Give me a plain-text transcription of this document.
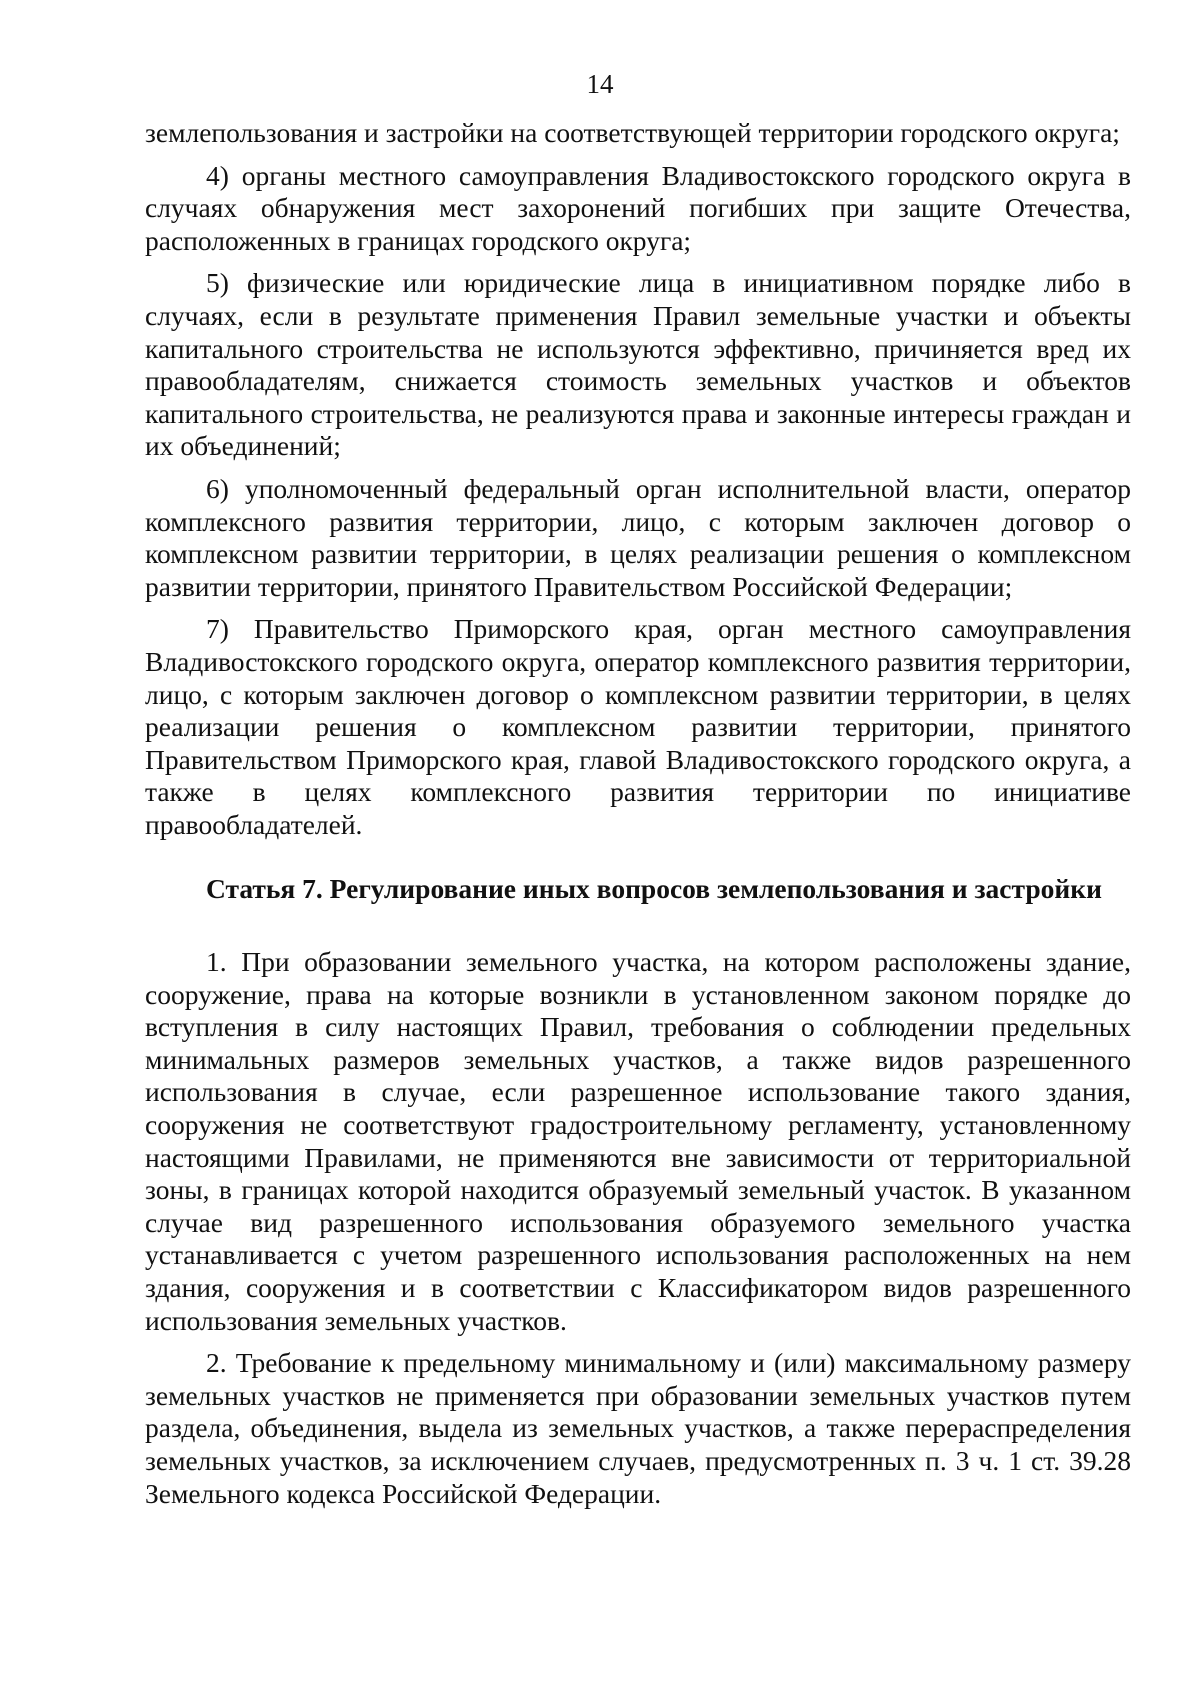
14

землепользования и застройки на соответствующей территории городского округа;

4) органы местного самоуправления Владивостокского городского округа в случаях обнаружения мест захоронений погибших при защите Отечества, расположенных в границах городского округа;

5) физические или юридические лица в инициативном порядке либо в случаях, если в результате применения Правил земельные участки и объекты капитального строительства не используются эффективно, причиняется вред их правообладателям, снижается стоимость земельных участков и объектов капитального строительства, не реализуются права и законные интересы граждан и их объединений;

6) уполномоченный федеральный орган исполнительной власти, оператор комплексного развития территории, лицо, с которым заключен договор о комплексном развитии территории, в целях реализации решения о комплексном развитии территории, принятого Правительством Российской Федерации;

7) Правительство Приморского края, орган местного самоуправления Владивостокского городского округа, оператор комплексного развития территории, лицо, с которым заключен договор о комплексном развитии территории, в целях реализации решения о комплексном развитии территории, принятого Правительством Приморского края, главой Владивостокского городского округа, а также в целях комплексного развития территории по инициативе правообладателей.

Статья 7. Регулирование иных вопросов землепользования и застройки

1. При образовании земельного участка, на котором расположены здание, сооружение, права на которые возникли в установленном законом порядке до вступления в силу настоящих Правил, требования о соблюдении предельных минимальных размеров земельных участков, а также видов разрешенного использования в случае, если разрешенное использование такого здания, сооружения не соответствуют градостроительному регламенту, установленному настоящими Правилами, не применяются вне зависимости от территориальной зоны, в границах которой находится образуемый земельный участок. В указанном случае вид разрешенного использования образуемого земельного участка устанавливается с учетом разрешенного использования расположенных на нем здания, сооружения и в соответствии с Классификатором видов разрешенного использования земельных участков.

2. Требование к предельному минимальному и (или) максимальному размеру земельных участков не применяется при образовании земельных участков путем раздела, объединения, выдела из земельных участков, а также перераспределения земельных участков, за исключением случаев, предусмотренных п. 3 ч. 1 ст. 39.28 Земельного кодекса Российской Федерации.
